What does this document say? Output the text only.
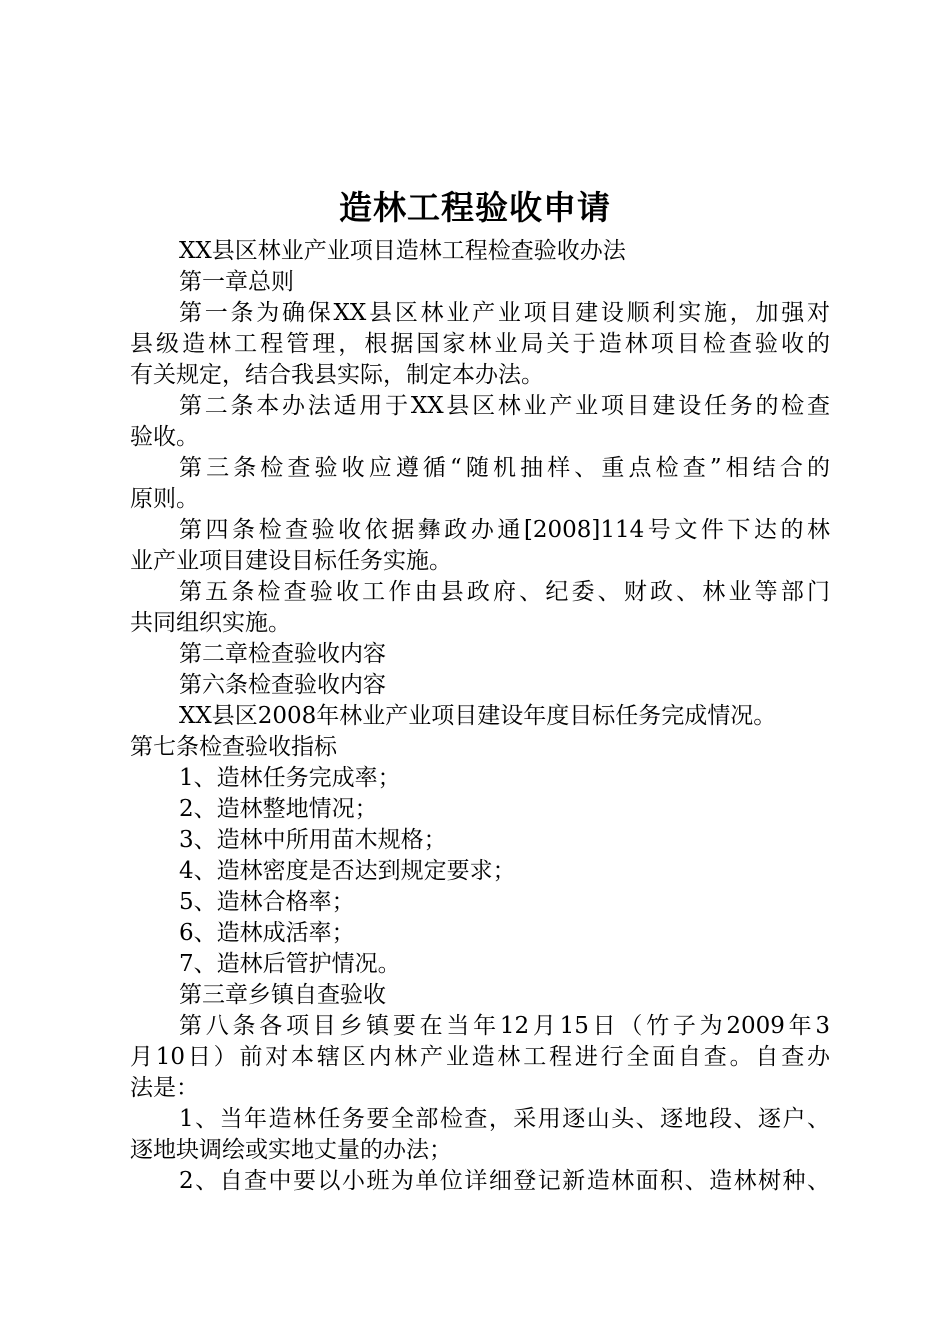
造林工程验收申请
XX县区林业产业项目造林工程检查验收办法
第一章总则
第一条为确保XX县区林业产业项目建设顺利实施，加强对
县级造林工程管理，根据国家林业局关于造林项目检查验收的
有关规定，结合我县实际，制定本办法。
第二条本办法适用于XX县区林业产业项目建设任务的检查
验收。
第三条检查验收应遵循“随机抽样、重点检查”相结合的
原则。
第四条检查验收依据彝政办通[2008]114号文件下达的林
业产业项目建设目标任务实施。
第五条检查验收工作由县政府、纪委、财政、林业等部门
共同组织实施。
第二章检查验收内容
第六条检查验收内容
XX县区2008年林业产业项目建设年度目标任务完成情况。
第七条检查验收指标
1、造林任务完成率；
2、造林整地情况；
3、造林中所用苗木规格；
4、造林密度是否达到规定要求；
5、造林合格率；
6、造林成活率；
7、造林后管护情况。
第三章乡镇自查验收
第八条各项目乡镇要在当年12月15日（竹子为2009年3
月10日）前对本辖区内林产业造林工程进行全面自查。自查办
法是：
1、当年造林任务要全部检查，采用逐山头、逐地段、逐户、
逐地块调绘或实地丈量的办法；
2、自查中要以小班为单位详细登记新造林面积、造林树种、
